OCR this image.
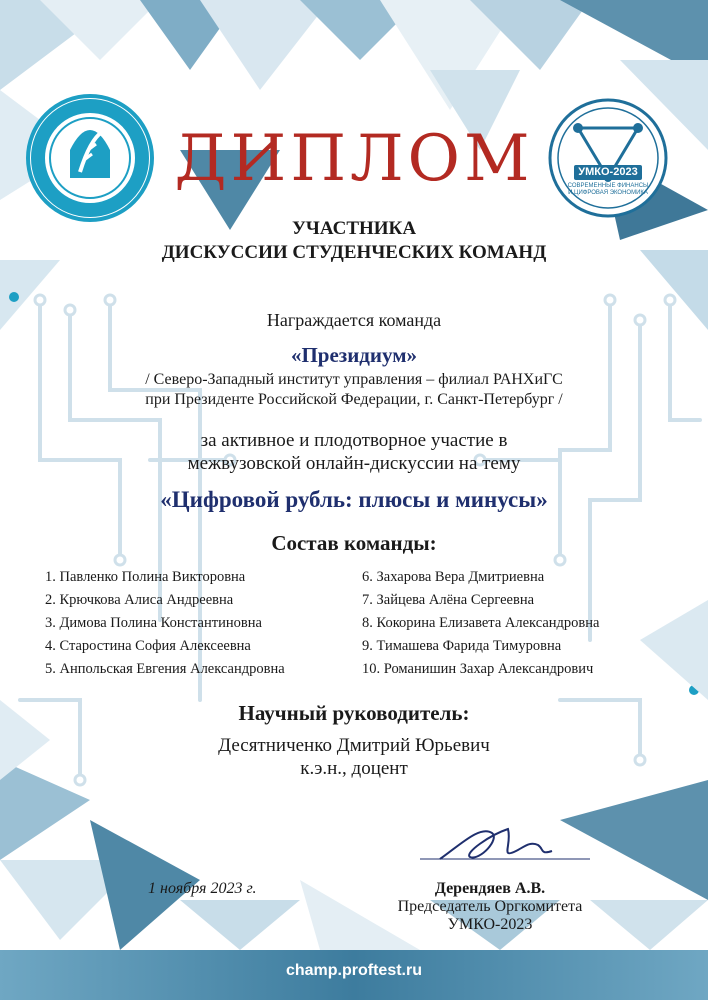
УМКО-2023
СОВРЕМЕННЫЕ ФИНАНСЫ
И ЦИФРОВАЯ ЭКОНОМИКА
ДИПЛОМ
УЧАСТНИКА
ДИСКУССИИ СТУДЕНЧЕСКИХ КОМАНД
Награждается команда
«Президиум»
/ Северо-Западный институт управления – филиал РАНХиГС
при Президенте Российской Федерации, г. Санкт-Петербург /
за активное и плодотворное участие в
межвузовской онлайн-дискуссии на тему
«Цифровой рубль: плюсы и минусы»
Состав команды:
1. Павленко Полина Викторовна
2. Крючкова Алиса Андреевна
3. Димова Полина Константиновна
4. Старостина София Алексеевна
5. Анпольская Евгения Александровна
6. Захарова Вера Дмитриевна
7. Зайцева Алёна Сергеевна
8. Кокорина Елизавета Александровна
9. Тимашева Фарида Тимуровна
10. Романишин Захар Александрович
Научный руководитель:
Десятниченко Дмитрий Юрьевич
к.э.н., доцент
1 ноября 2023 г.	Дерендяев А.В.
Председатель Оргкомитета
УМКО-2023
champ.proftest.ru
